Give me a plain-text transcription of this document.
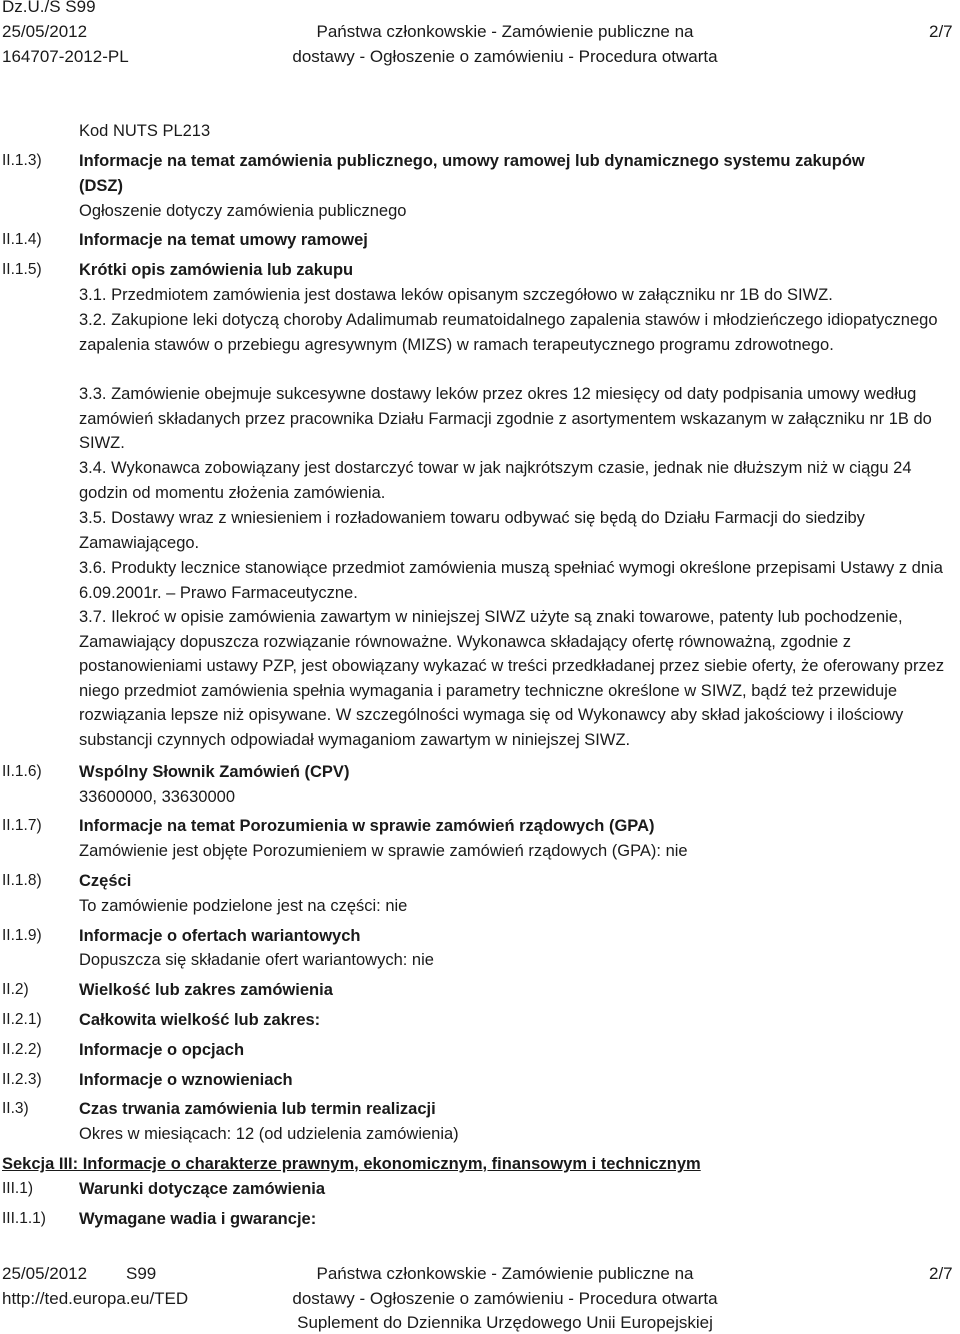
Dz.U./S S99
25/05/2012
164707-2012-PL
Państwa członkowskie - Zamówienie publiczne na
dostawy - Ogłoszenie o zamówieniu - Procedura otwarta
2/7
II.1.3)
II.1.4)
II.1.5)
II.1.6)
II.1.7)
II.1.8)
II.1.9)
II.2)
II.2.1)
II.2.2)
II.2.3)
II.3)
Kod NUTS PL213
Informacje na temat zamówienia publicznego, umowy ramowej lub dynamicznego systemu zakupów
(DSZ)
Ogłoszenie dotyczy zamówienia publicznego
Informacje na temat umowy ramowej
Krótki opis zamówienia lub zakupu
3.1. Przedmiotem zamówienia jest dostawa leków opisanym szczegółowo w załączniku nr 1B do SIWZ.
3.2. Zakupione leki dotyczą choroby Adalimumab reumatoidalnego zapalenia stawów i młodzieńczego idiopatycznego zapalenia stawów o przebiegu agresywnym (MIZS) w ramach terapeutycznego programu zdrowotnego.
3.3. Zamówienie obejmuje sukcesywne dostawy leków przez okres 12 miesięcy od daty podpisania umowy według zamówień składanych przez pracownika Działu Farmacji zgodnie z asortymentem wskazanym w załączniku nr 1B do SIWZ.
3.4. Wykonawca zobowiązany jest dostarczyć towar w jak najkrótszym czasie, jednak nie dłuższym niż w ciągu 24 godzin od momentu złożenia zamówienia.
3.5. Dostawy wraz z wniesieniem i rozładowaniem towaru odbywać się będą do Działu Farmacji do siedziby Zamawiającego.
3.6. Produkty lecznice stanowiące przedmiot zamówienia muszą spełniać wymogi określone przepisami Ustawy z dnia 6.09.2001r. – Prawo Farmaceutyczne.
3.7. Ilekroć w opisie zamówienia zawartym w niniejszej SIWZ użyte są znaki towarowe, patenty lub pochodzenie, Zamawiający dopuszcza rozwiązanie równoważne. Wykonawca składający ofertę równoważną, zgodnie z postanowieniami ustawy PZP, jest obowiązany wykazać w treści przedkładanej przez siebie oferty, że oferowany przez niego przedmiot zamówienia spełnia wymagania i parametry techniczne określone w SIWZ, bądź też przewiduje rozwiązania lepsze niż opisywane. W szczególności wymaga się od Wykonawcy aby skład jakościowy i ilościowy substancji czynnych odpowiadał wymaganiom zawartym w niniejszej SIWZ.
Wspólny Słownik Zamówień (CPV)
33600000, 33630000
Informacje na temat Porozumienia w sprawie zamówień rządowych (GPA)
Zamówienie jest objęte Porozumieniem w sprawie zamówień rządowych (GPA): nie
Części
To zamówienie podzielone jest na części: nie
Informacje o ofertach wariantowych
Dopuszcza się składanie ofert wariantowych: nie
Wielkość lub zakres zamówienia
Całkowita wielkość lub zakres:
Informacje o opcjach
Informacje o wznowieniach
Czas trwania zamówienia lub termin realizacji
Okres w miesiącach: 12 (od udzielenia zamówienia)
Sekcja III: Informacje o charakterze prawnym, ekonomicznym, finansowym i technicznym
III.1)	Warunki dotyczące zamówienia
III.1.1) Wymagane wadia i gwarancje:
25/05/2012 S99
http://ted.europa.eu/TED
Państwa członkowskie - Zamówienie publiczne na
dostawy - Ogłoszenie o zamówieniu - Procedura otwarta
Suplement do Dziennika Urzędowego Unii Europejskiej
2/7
